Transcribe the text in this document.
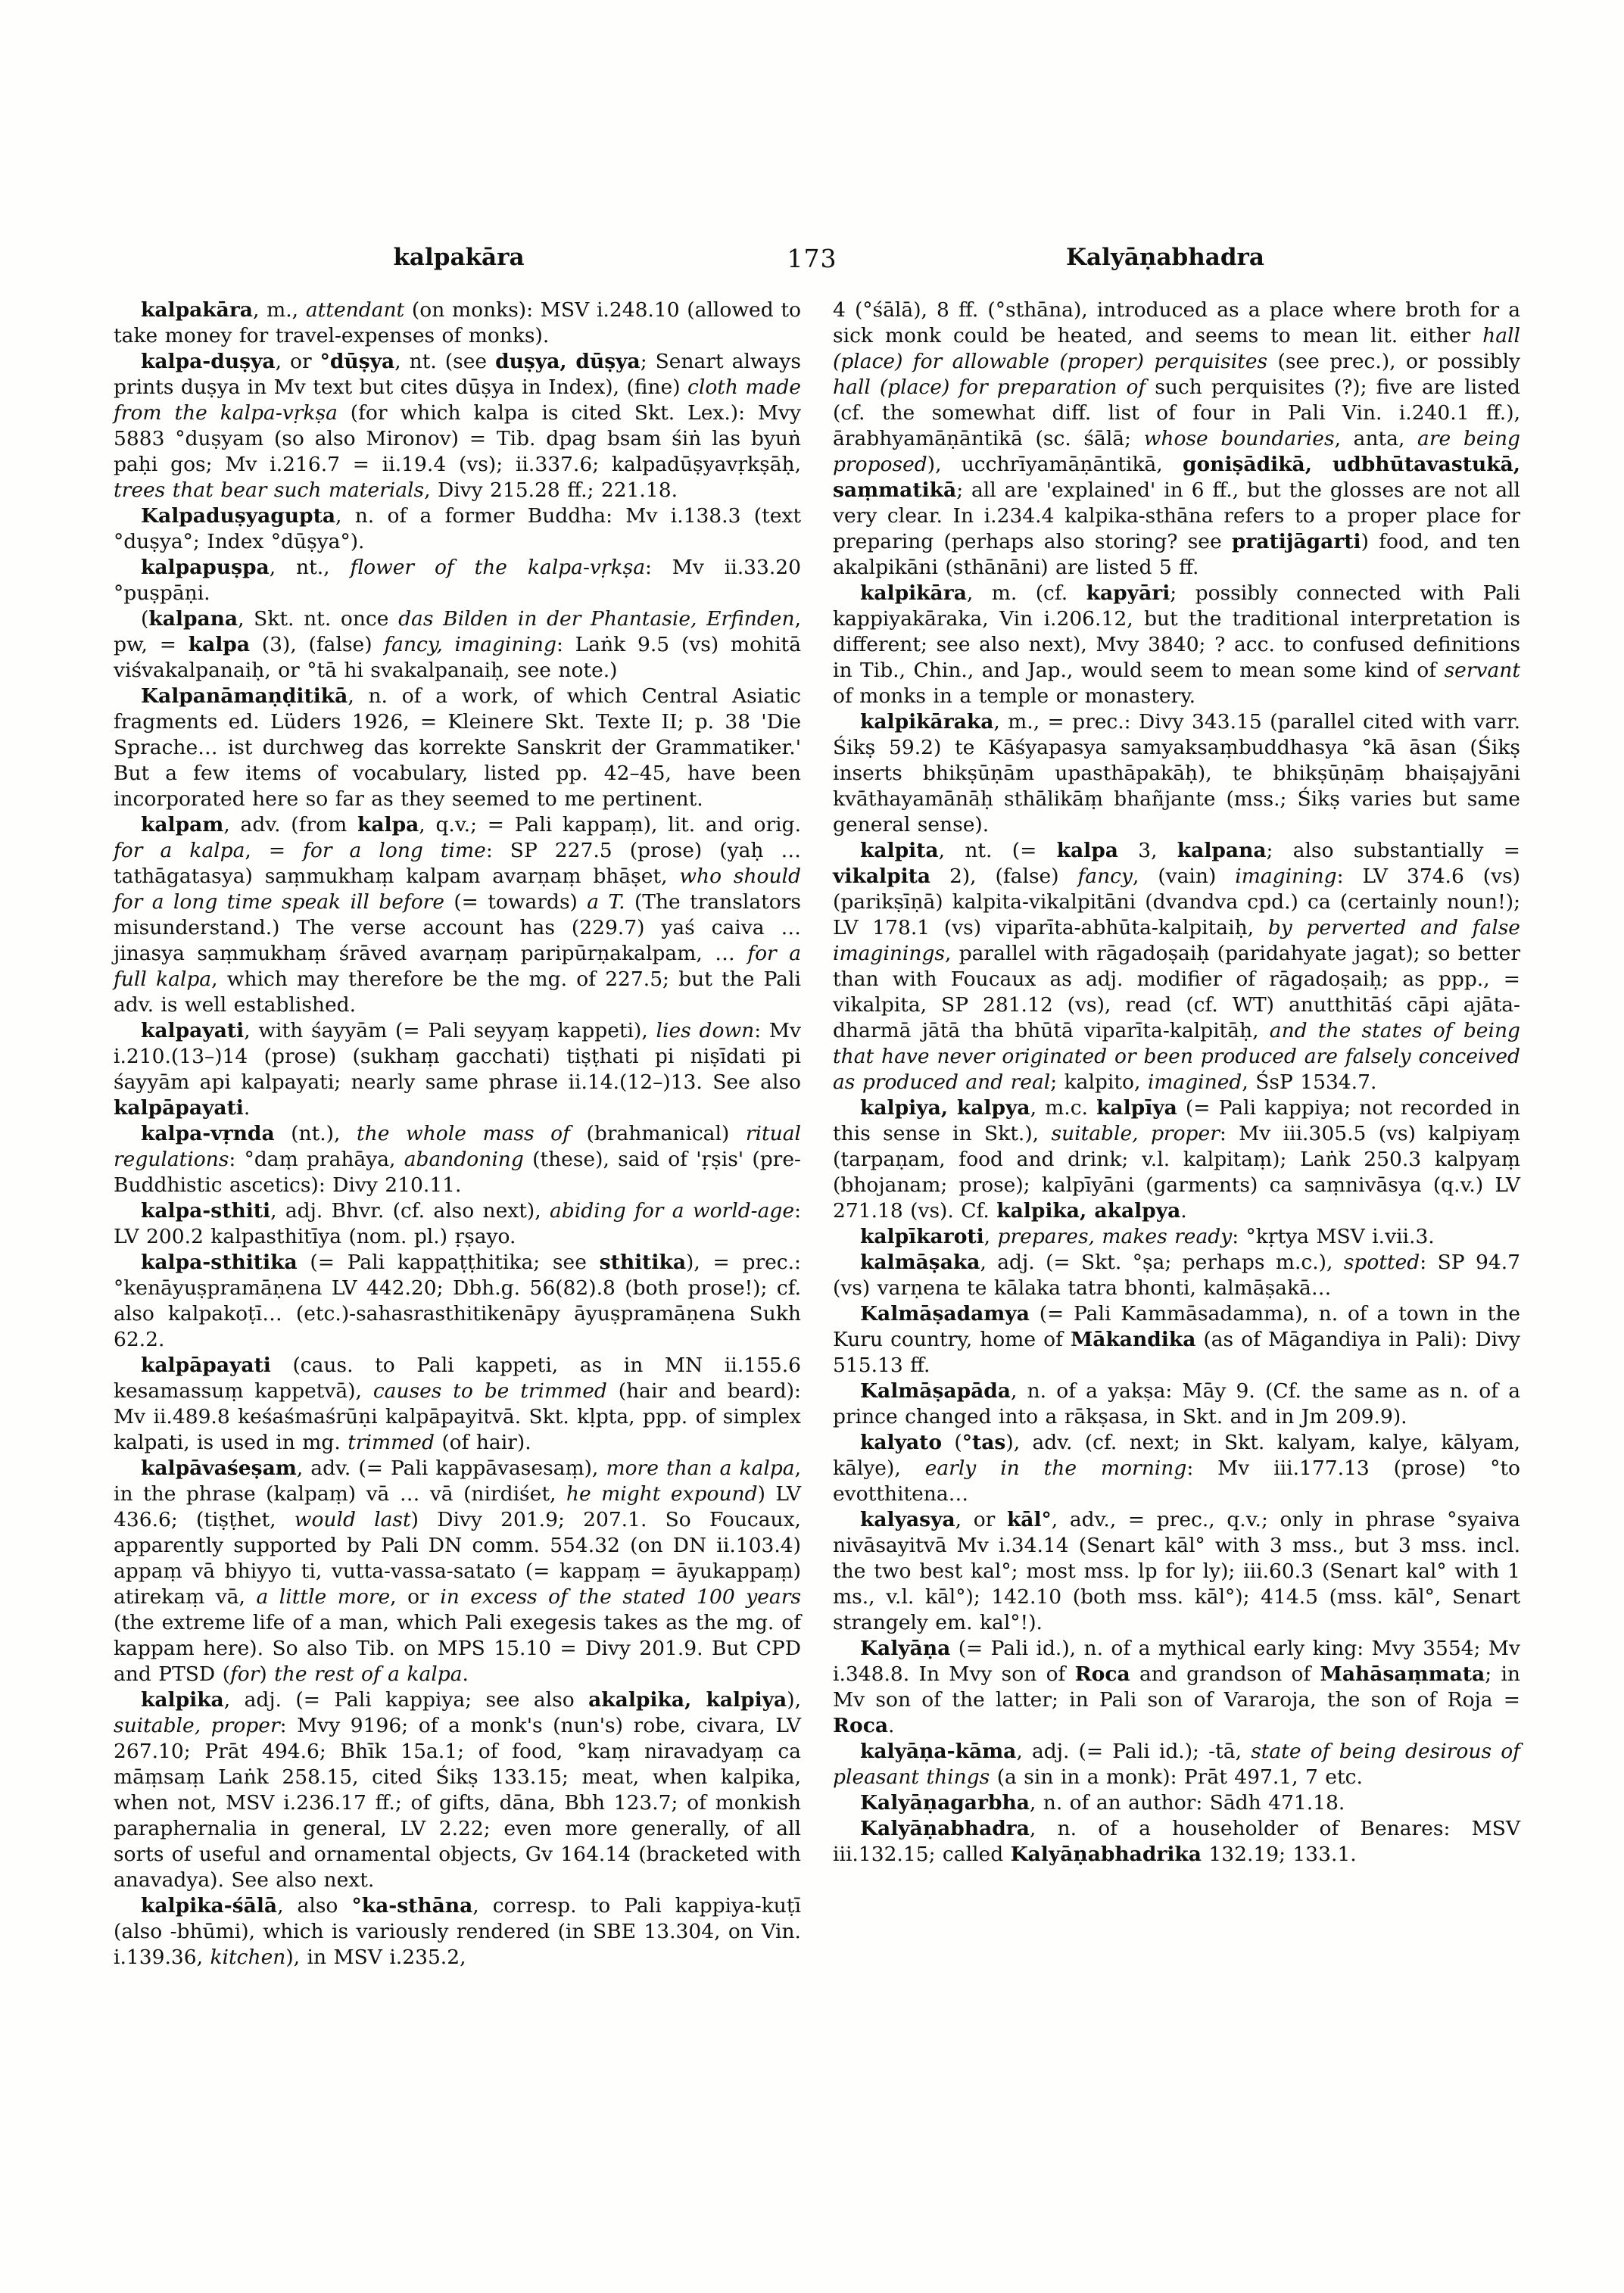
173
kalpakāra	Kalyāṇabhadra

kalpakāra, m., attendant (on monks): MSV i.248.10 (allowed to take money for travel-expenses of monks).

kalpa-duṣya, or °dūṣya, nt. (see duṣya, dūṣya; Senart always prints duṣya in Mv text but cites dūṣya in Index), (fine) cloth made from the kalpa-vṛkṣa (for which kalpa is cited Skt. Lex.): Mvy 5883 °duṣyam (so also Mironov) = Tib. dpag bsam śiṅ las byuṅ paḥi gos; Mv i.216.7 = ii.19.4 (vs); ii.337.6; kalpadūṣyavṛkṣāḥ, trees that bear such materials, Divy 215.28 ff.; 221.18.

Kalpaduṣyagupta, n. of a former Buddha: Mv i.138.3 (text °duṣya°; Index °dūṣya°).

kalpapuṣpa, nt., flower of the kalpa-vṛkṣa: Mv ii.33.20 °puṣpāṇi.

(kalpana, Skt. nt. once das Bilden in der Phantasie, Erfinden, pw, = kalpa (3), (false) fancy, imagining: Laṅk 9.5 (vs) mohitā viśvakalpanaiḥ, or °tā hi svakalpanaiḥ, see note.)

Kalpanāmaṇḍitikā, n. of a work, of which Central Asiatic fragments ed. Lüders 1926, = Kleinere Skt. Texte II; p. 38 'Die Sprache… ist durchweg das korrekte Sanskrit der Grammatiker.' But a few items of vocabulary, listed pp. 42–45, have been incorporated here so far as they seemed to me pertinent.

kalpam, adv. (from kalpa, q.v.; = Pali kappaṃ), lit. and orig. for a kalpa, = for a long time: SP 227.5 (prose) (yaḥ … tathāgatasya) saṃmukhaṃ kalpam avarṇaṃ bhāṣet, who should for a long time speak ill before (= towards) a T. (The translators misunderstand.) The verse account has (229.7) yaś caiva … jinasya saṃmukhaṃ śrāved avarṇaṃ paripūrṇakalpam, … for a full kalpa, which may therefore be the mg. of 227.5; but the Pali adv. is well established.

kalpayati, with śayyām (= Pali seyyaṃ kappeti), lies down: Mv i.210.(13–)14 (prose) (sukhaṃ gacchati) tiṣṭhati pi niṣīdati pi śayyām api kalpayati; nearly same phrase ii.14.(12–)13. See also kalpāpayati.

kalpa-vṛnda (nt.), the whole mass of (brahmanical) ritual regulations: °daṃ prahāya, abandoning (these), said of 'ṛṣis' (pre-Buddhistic ascetics): Divy 210.11.

kalpa-sthiti, adj. Bhvr. (cf. also next), abiding for a world-age: LV 200.2 kalpasthitīya (nom. pl.) ṛṣayo.

kalpa-sthitika (= Pali kappaṭṭhitika; see sthitika), = prec.: °kenāyuṣpramāṇena LV 442.20; Dbh.g. 56(82).8 (both prose!); cf. also kalpakoṭī… (etc.)-sahasrasthitikenāpy āyuṣpramāṇena Sukh 62.2.

kalpāpayati (caus. to Pali kappeti, as in MN ii.155.6 kesamassuṃ kappetvā), causes to be trimmed (hair and beard): Mv ii.489.8 keśaśmaśrūṇi kalpāpayitvā. Skt. kḷpta, ppp. of simplex kalpati, is used in mg. trimmed (of hair).

kalpāvaśeṣam, adv. (= Pali kappāvasesaṃ), more than a kalpa, in the phrase (kalpaṃ) vā … vā (nirdiśet, he might expound) LV 436.6; (tiṣṭhet, would last) Divy 201.9; 207.1. So Foucaux, apparently supported by Pali DN comm. 554.32 (on DN ii.103.4) appaṃ vā bhiyyo ti, vutta-vassa-satato (= kappaṃ = āyukappaṃ) atirekaṃ vā, a little more, or in excess of the stated 100 years (the extreme life of a man, which Pali exegesis takes as the mg. of kappam here). So also Tib. on MPS 15.10 = Divy 201.9. But CPD and PTSD (for) the rest of a kalpa.

kalpika, adj. (= Pali kappiya; see also akalpika, kalpiya), suitable, proper: Mvy 9196; of a monk's (nun's) robe, civara, LV 267.10; Prāt 494.6; Bhīk 15a.1; of food, °kaṃ niravadyaṃ ca māṃsaṃ Laṅk 258.15, cited Śikṣ 133.15; meat, when kalpika, when not, MSV i.236.17 ff.; of gifts, dāna, Bbh 123.7; of monkish paraphernalia in general, LV 2.22; even more generally, of all sorts of useful and ornamental objects, Gv 164.14 (bracketed with anavadya). See also next.

kalpika-śālā, also °ka-sthāna, corresp. to Pali kappiya-kuṭī (also -bhūmi), which is variously rendered (in SBE 13.304, on Vin. i.139.36, kitchen), in MSV i.235.2,

4 (°śālā), 8 ff. (°sthāna), introduced as a place where broth for a sick monk could be heated, and seems to mean lit. either hall (place) for allowable (proper) perquisites (see prec.), or possibly hall (place) for preparation of such perquisites (?); five are listed (cf. the somewhat diff. list of four in Pali Vin. i.240.1 ff.), ārabhyamāṇāntikā (sc. śālā; whose boundaries, anta, are being proposed), ucchrīyamāṇāntikā, goniṣādikā, udbhūtavastukā, saṃmatikā; all are 'explained' in 6 ff., but the glosses are not all very clear. In i.234.4 kalpika-sthāna refers to a proper place for preparing (perhaps also storing? see pratijāgarti) food, and ten akalpikāni (sthānāni) are listed 5 ff.

kalpikāra, m. (cf. kapyāri; possibly connected with Pali kappiyakāraka, Vin i.206.12, but the traditional interpretation is different; see also next), Mvy 3840; ? acc. to confused definitions in Tib., Chin., and Jap., would seem to mean some kind of servant of monks in a temple or monastery.

kalpikāraka, m., = prec.: Divy 343.15 (parallel cited with varr. Śikṣ 59.2) te Kāśyapasya samyaksaṃbuddhasya °kā āsan (Śikṣ inserts bhikṣūṇām upasthāpakāḥ), te bhikṣūṇāṃ bhaiṣajyāni kvāthayamānāḥ sthālikāṃ bhañjante (mss.; Śikṣ varies but same general sense).

kalpita, nt. (= kalpa 3, kalpana; also substantially = vikalpita 2), (false) fancy, (vain) imagining: LV 374.6 (vs) (parikṣīṇā) kalpita-vikalpitāni (dvandva cpd.) ca (certainly noun!); LV 178.1 (vs) viparīta-abhūta-kalpitaiḥ, by perverted and false imaginings, parallel with rāgadoṣaiḥ (paridahyate jagat); so better than with Foucaux as adj. modifier of rāgadoṣaiḥ; as ppp., = vikalpita, SP 281.12 (vs), read (cf. WT) anutthitāś cāpi ajāta-dharmā jātā tha bhūtā viparīta-kalpitāḥ, and the states of being that have never originated or been produced are falsely conceived as produced and real; kalpito, imagined, ŚsP 1534.7.

kalpiya, kalpya, m.c. kalpīya (= Pali kappiya; not recorded in this sense in Skt.), suitable, proper: Mv iii.305.5 (vs) kalpiyaṃ (tarpaṇam, food and drink; v.l. kalpitaṃ); Laṅk 250.3 kalpyaṃ (bhojanam; prose); kalpīyāni (garments) ca saṃnivāsya (q.v.) LV 271.18 (vs). Cf. kalpika, akalpya.

kalpīkaroti, prepares, makes ready: °kṛtya MSV i.vii.3.

kalmāṣaka, adj. (= Skt. °ṣa; perhaps m.c.), spotted: SP 94.7 (vs) varṇena te kālaka tatra bhonti, kalmāṣakā…

Kalmāṣadamya (= Pali Kammāsadamma), n. of a town in the Kuru country, home of Mākandika (as of Māgandiya in Pali): Divy 515.13 ff.

Kalmāṣapāda, n. of a yakṣa: Māy 9. (Cf. the same as n. of a prince changed into a rākṣasa, in Skt. and in Jm 209.9).

kalyato (°tas), adv. (cf. next; in Skt. kalyam, kalye, kālyam, kālye), early in the morning: Mv iii.177.13 (prose) °to evotthitena…

kalyasya, or kāl°, adv., = prec., q.v.; only in phrase °syaiva nivāsayitvā Mv i.34.14 (Senart kāl° with 3 mss., but 3 mss. incl. the two best kal°; most mss. lp for ly); iii.60.3 (Senart kal° with 1 ms., v.l. kāl°); 142.10 (both mss. kāl°); 414.5 (mss. kāl°, Senart strangely em. kal°!).

Kalyāṇa (= Pali id.), n. of a mythical early king: Mvy 3554; Mv i.348.8. In Mvy son of Roca and grandson of Mahāsaṃmata; in Mv son of the latter; in Pali son of Vararoja, the son of Roja = Roca.

kalyāṇa-kāma, adj. (= Pali id.); -tā, state of being desirous of pleasant things (a sin in a monk): Prāt 497.1, 7 etc.

Kalyāṇagarbha, n. of an author: Sādh 471.18.

Kalyāṇabhadra, n. of a householder of Benares: MSV iii.132.15; called Kalyāṇabhadrika 132.19; 133.1.
